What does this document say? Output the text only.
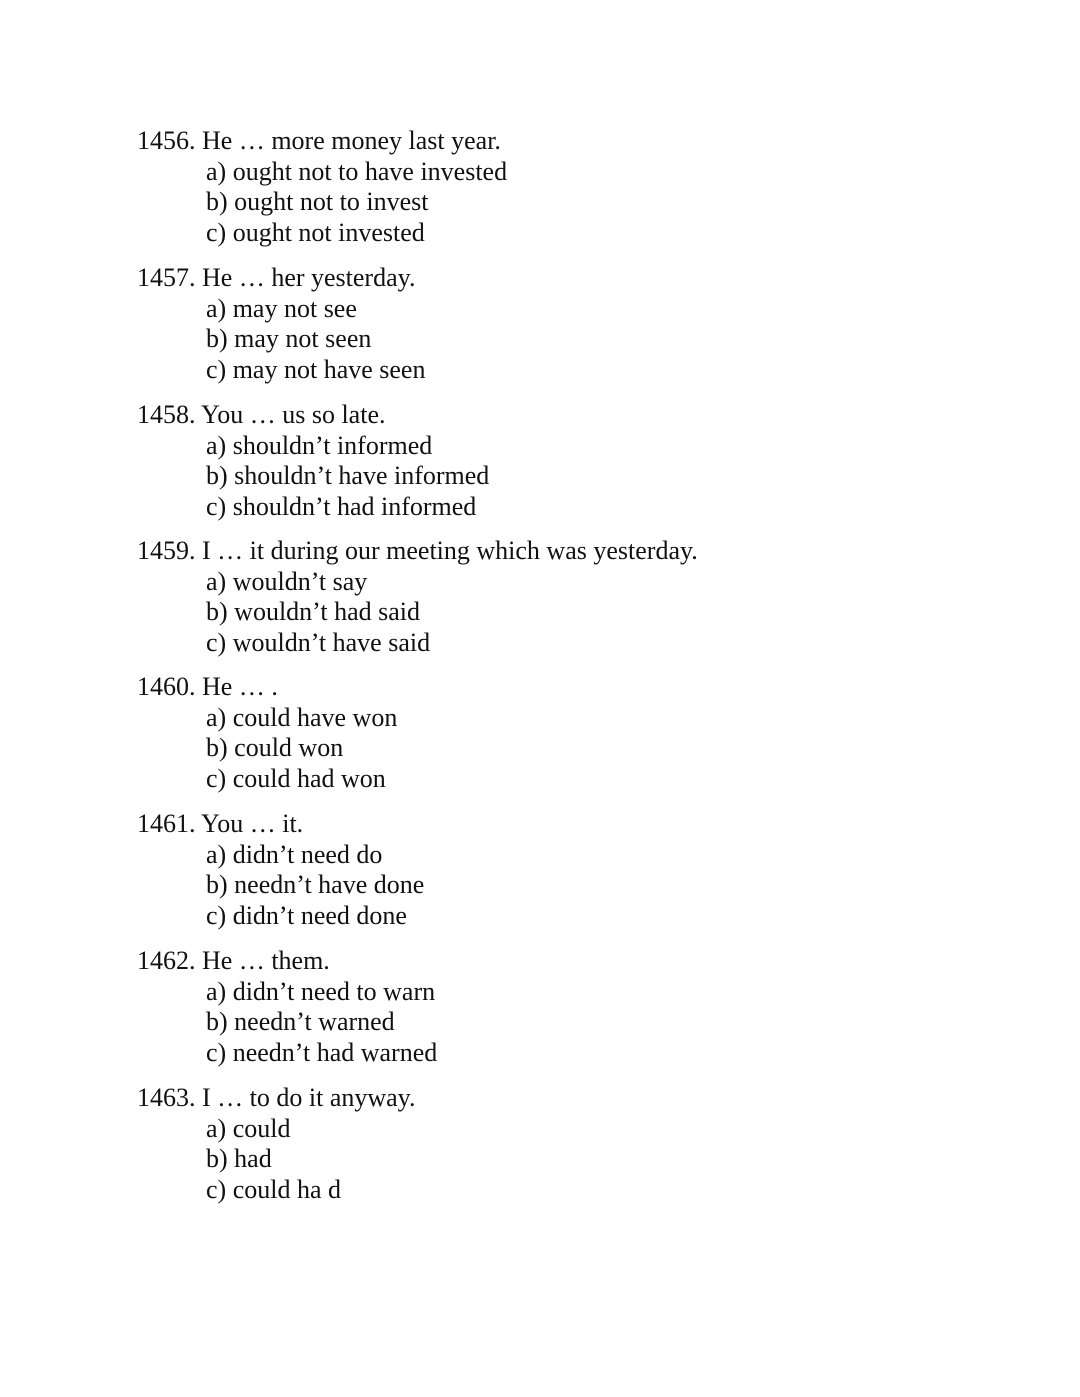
1456. He … more money last year.
a) ought not to have invested
b) ought not to invest
c) ought not invested
1457. He … her yesterday.
a) may not see
b) may not seen
c) may not have seen
1458. You … us so late.
a) shouldn’t informed
b) shouldn’t have informed
c) shouldn’t had informed
1459. I … it during our meeting which was yesterday.
a) wouldn’t say
b) wouldn’t had said
c) wouldn’t have said
1460. He … .
a) could have won
b) could won
c) could had won
1461. You … it.
a) didn’t need do
b) needn’t have done
c) didn’t need done
1462. He … them.
a) didn’t need to warn
b) needn’t warned
c) needn’t had warned
1463. I … to do it anyway.
a) could
b) had
c) could ha d
